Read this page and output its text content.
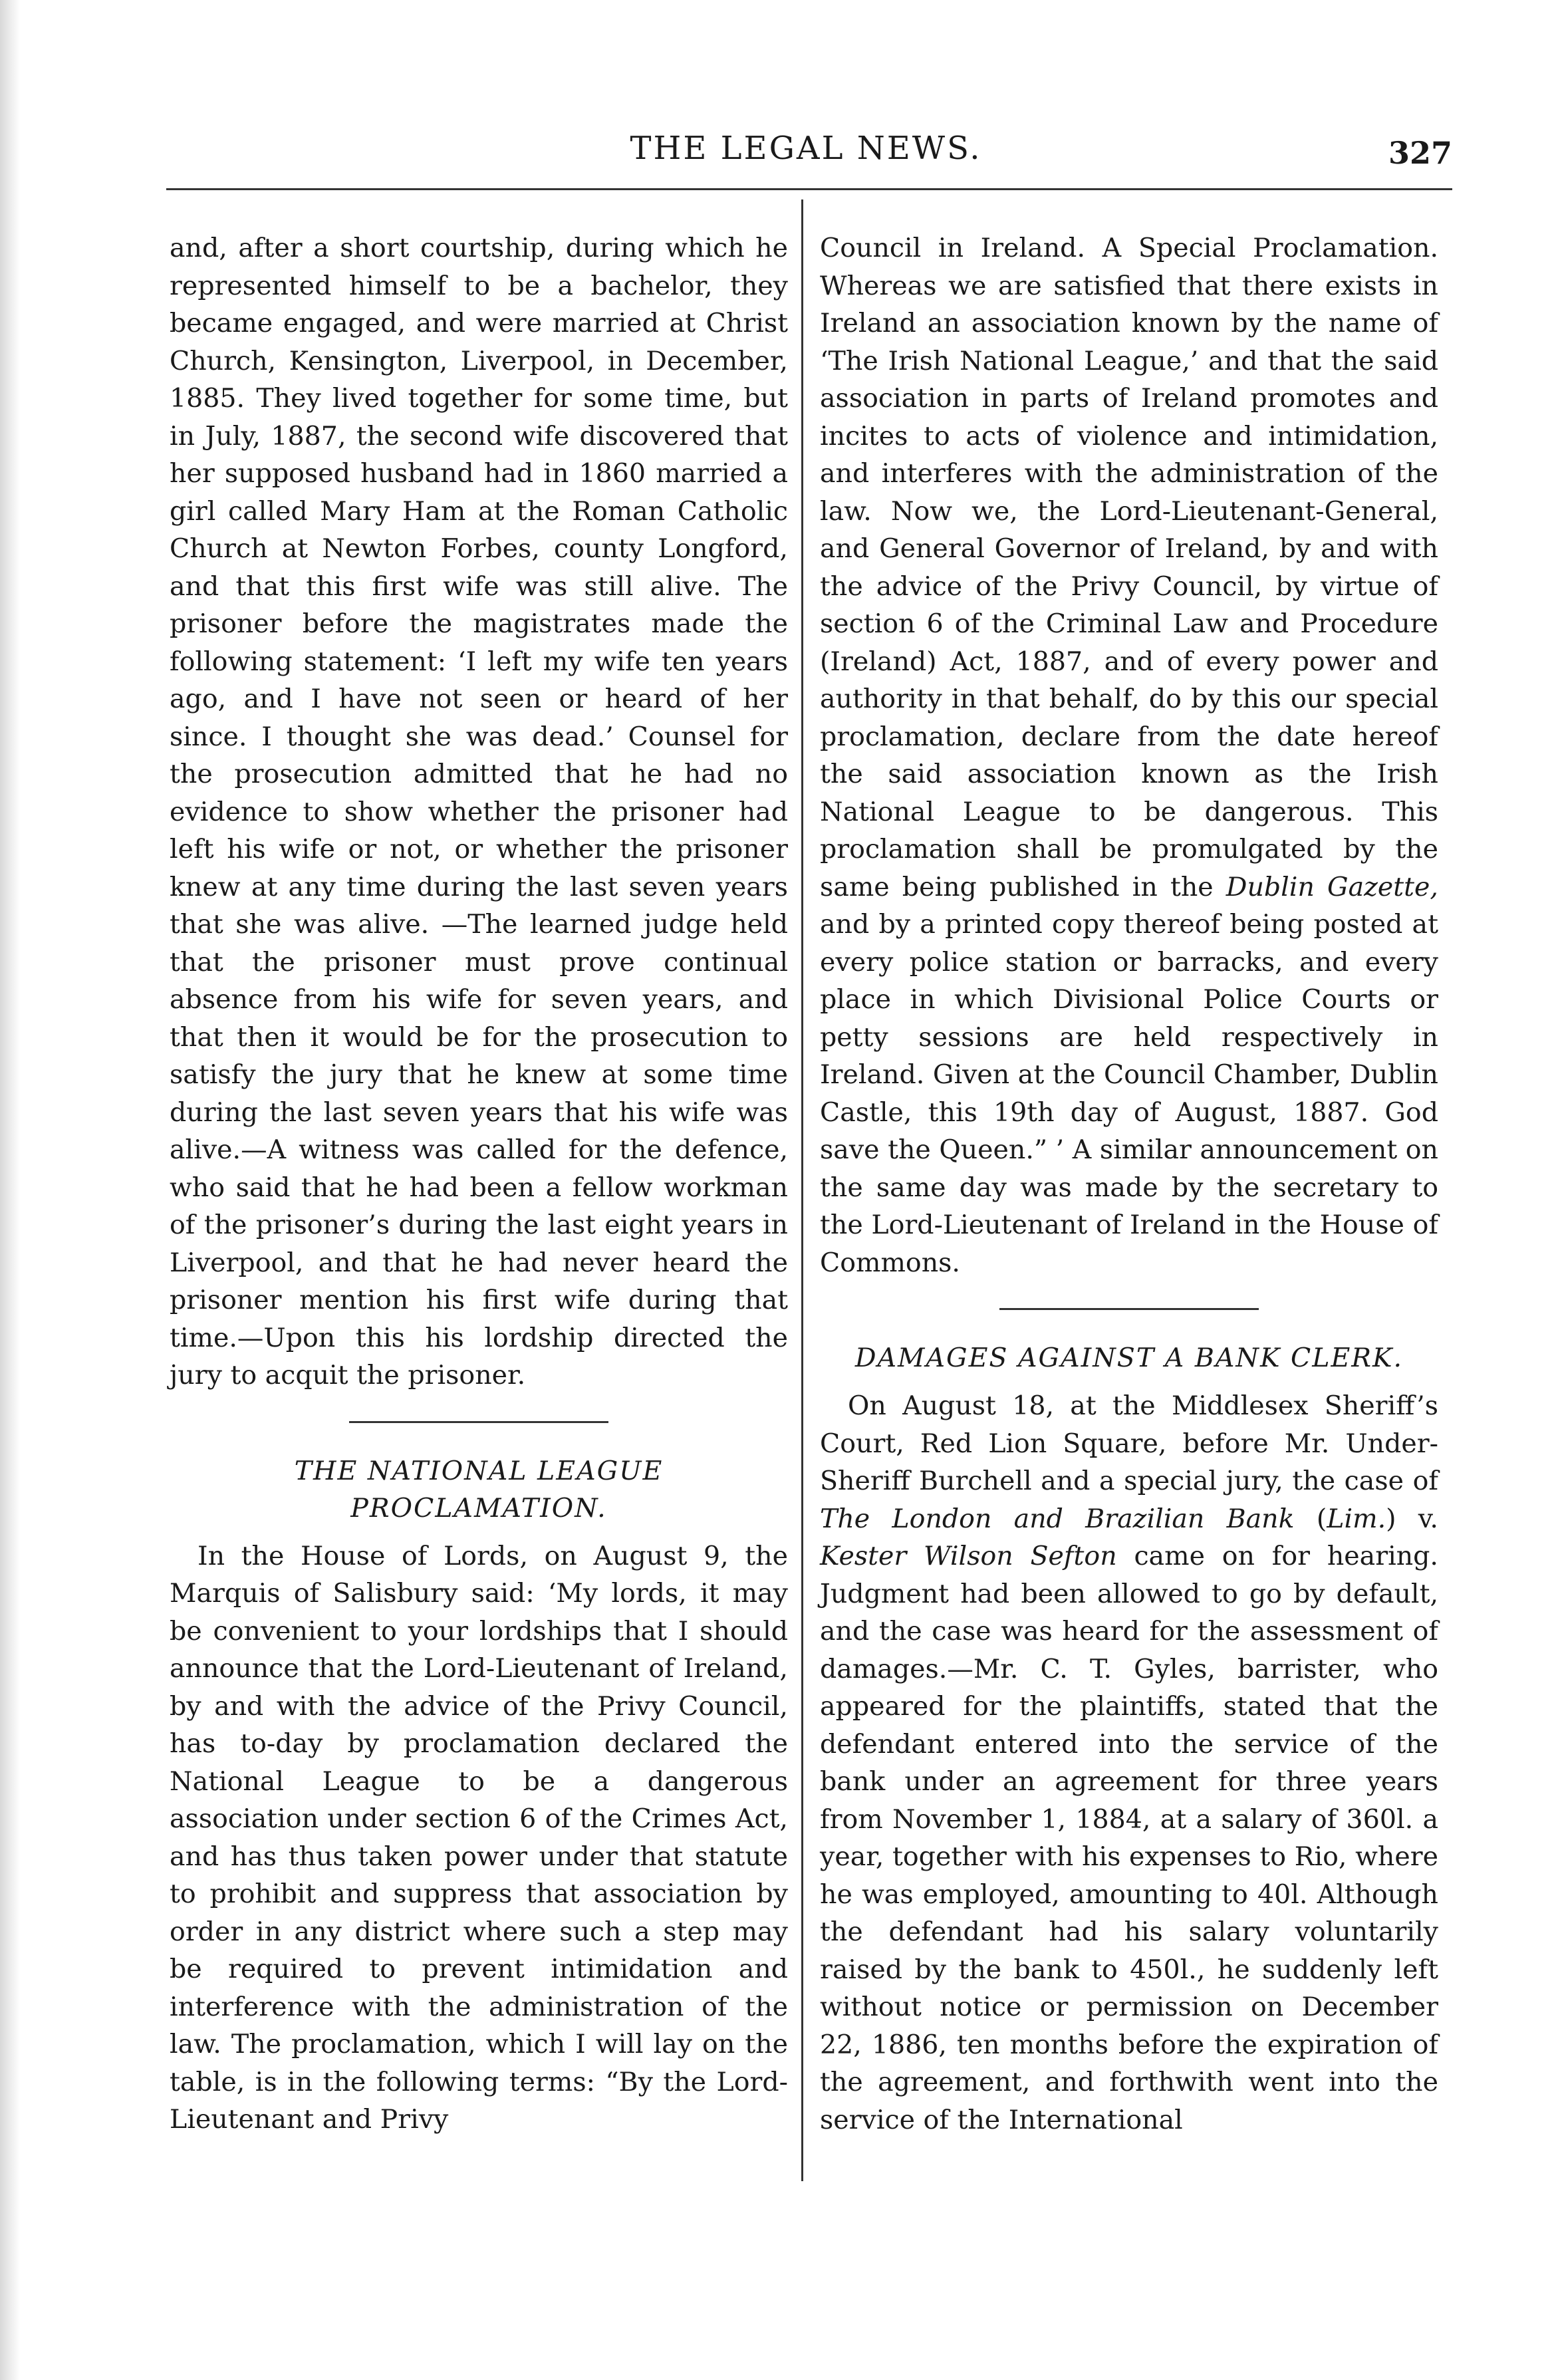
THE LEGAL NEWS.	327

and, after a short courtship, during which he represented himself to be a bachelor, they became engaged, and were married at Christ Church, Kensington, Liverpool, in December, 1885. They lived together for some time, but in July, 1887, the second wife discovered that her supposed husband had in 1860 married a girl called Mary Ham at the Roman Catholic Church at Newton Forbes, county Longford, and that this first wife was still alive. The prisoner before the magistrates made the following statement: ‘I left my wife ten years ago, and I have not seen or heard of her since. I thought she was dead.’ Counsel for the prosecution admitted that he had no evidence to show whether the prisoner had left his wife or not, or whether the prisoner knew at any time during the last seven years that she was alive. —The learned judge held that the prisoner must prove continual absence from his wife for seven years, and that then it would be for the prosecution to satisfy the jury that he knew at some time during the last seven years that his wife was alive.—A witness was called for the defence, who said that he had been a fellow workman of the prisoner’s during the last eight years in Liverpool, and that he had never heard the prisoner mention his first wife during that time.—Upon this his lordship directed the jury to acquit the prisoner.

THE NATIONAL LEAGUE PROCLAMATION.

In the House of Lords, on August 9, the Marquis of Salisbury said: ‘My lords, it may be convenient to your lordships that I should announce that the Lord-Lieutenant of Ireland, by and with the advice of the Privy Council, has to-day by proclamation declared the National League to be a dangerous association under section 6 of the Crimes Act, and has thus taken power under that statute to prohibit and suppress that association by order in any district where such a step may be required to prevent intimidation and interference with the administration of the law. The proclamation, which I will lay on the table, is in the following terms: “By the Lord-Lieutenant and Privy

Council in Ireland. A Special Proclamation. Whereas we are satisfied that there exists in Ireland an association known by the name of ‘The Irish National League,’ and that the said association in parts of Ireland promotes and incites to acts of violence and intimidation, and interferes with the administration of the law. Now we, the Lord-Lieutenant-General, and General Governor of Ireland, by and with the advice of the Privy Council, by virtue of section 6 of the Criminal Law and Procedure (Ireland) Act, 1887, and of every power and authority in that behalf, do by this our special proclamation, declare from the date hereof the said association known as the Irish National League to be dangerous. This proclamation shall be promulgated by the same being published in the Dublin Gazette, and by a printed copy thereof being posted at every police station or barracks, and every place in which Divisional Police Courts or petty sessions are held respectively in Ireland. Given at the Council Chamber, Dublin Castle, this 19th day of August, 1887. God save the Queen.” ’ A similar announcement on the same day was made by the secretary to the Lord-Lieutenant of Ireland in the House of Commons.

DAMAGES AGAINST A BANK CLERK.

On August 18, at the Middlesex Sheriff’s Court, Red Lion Square, before Mr. Under-Sheriff Burchell and a special jury, the case of The London and Brazilian Bank (Lim.) v. Kester Wilson Sefton came on for hearing. Judgment had been allowed to go by default, and the case was heard for the assessment of damages.—Mr. C. T. Gyles, barrister, who appeared for the plaintiffs, stated that the defendant entered into the service of the bank under an agreement for three years from November 1, 1884, at a salary of 360l. a year, together with his expenses to Rio, where he was employed, amounting to 40l. Although the defendant had his salary voluntarily raised by the bank to 450l., he suddenly left without notice or permission on December 22, 1886, ten months before the expiration of the agreement, and forthwith went into the service of the International
